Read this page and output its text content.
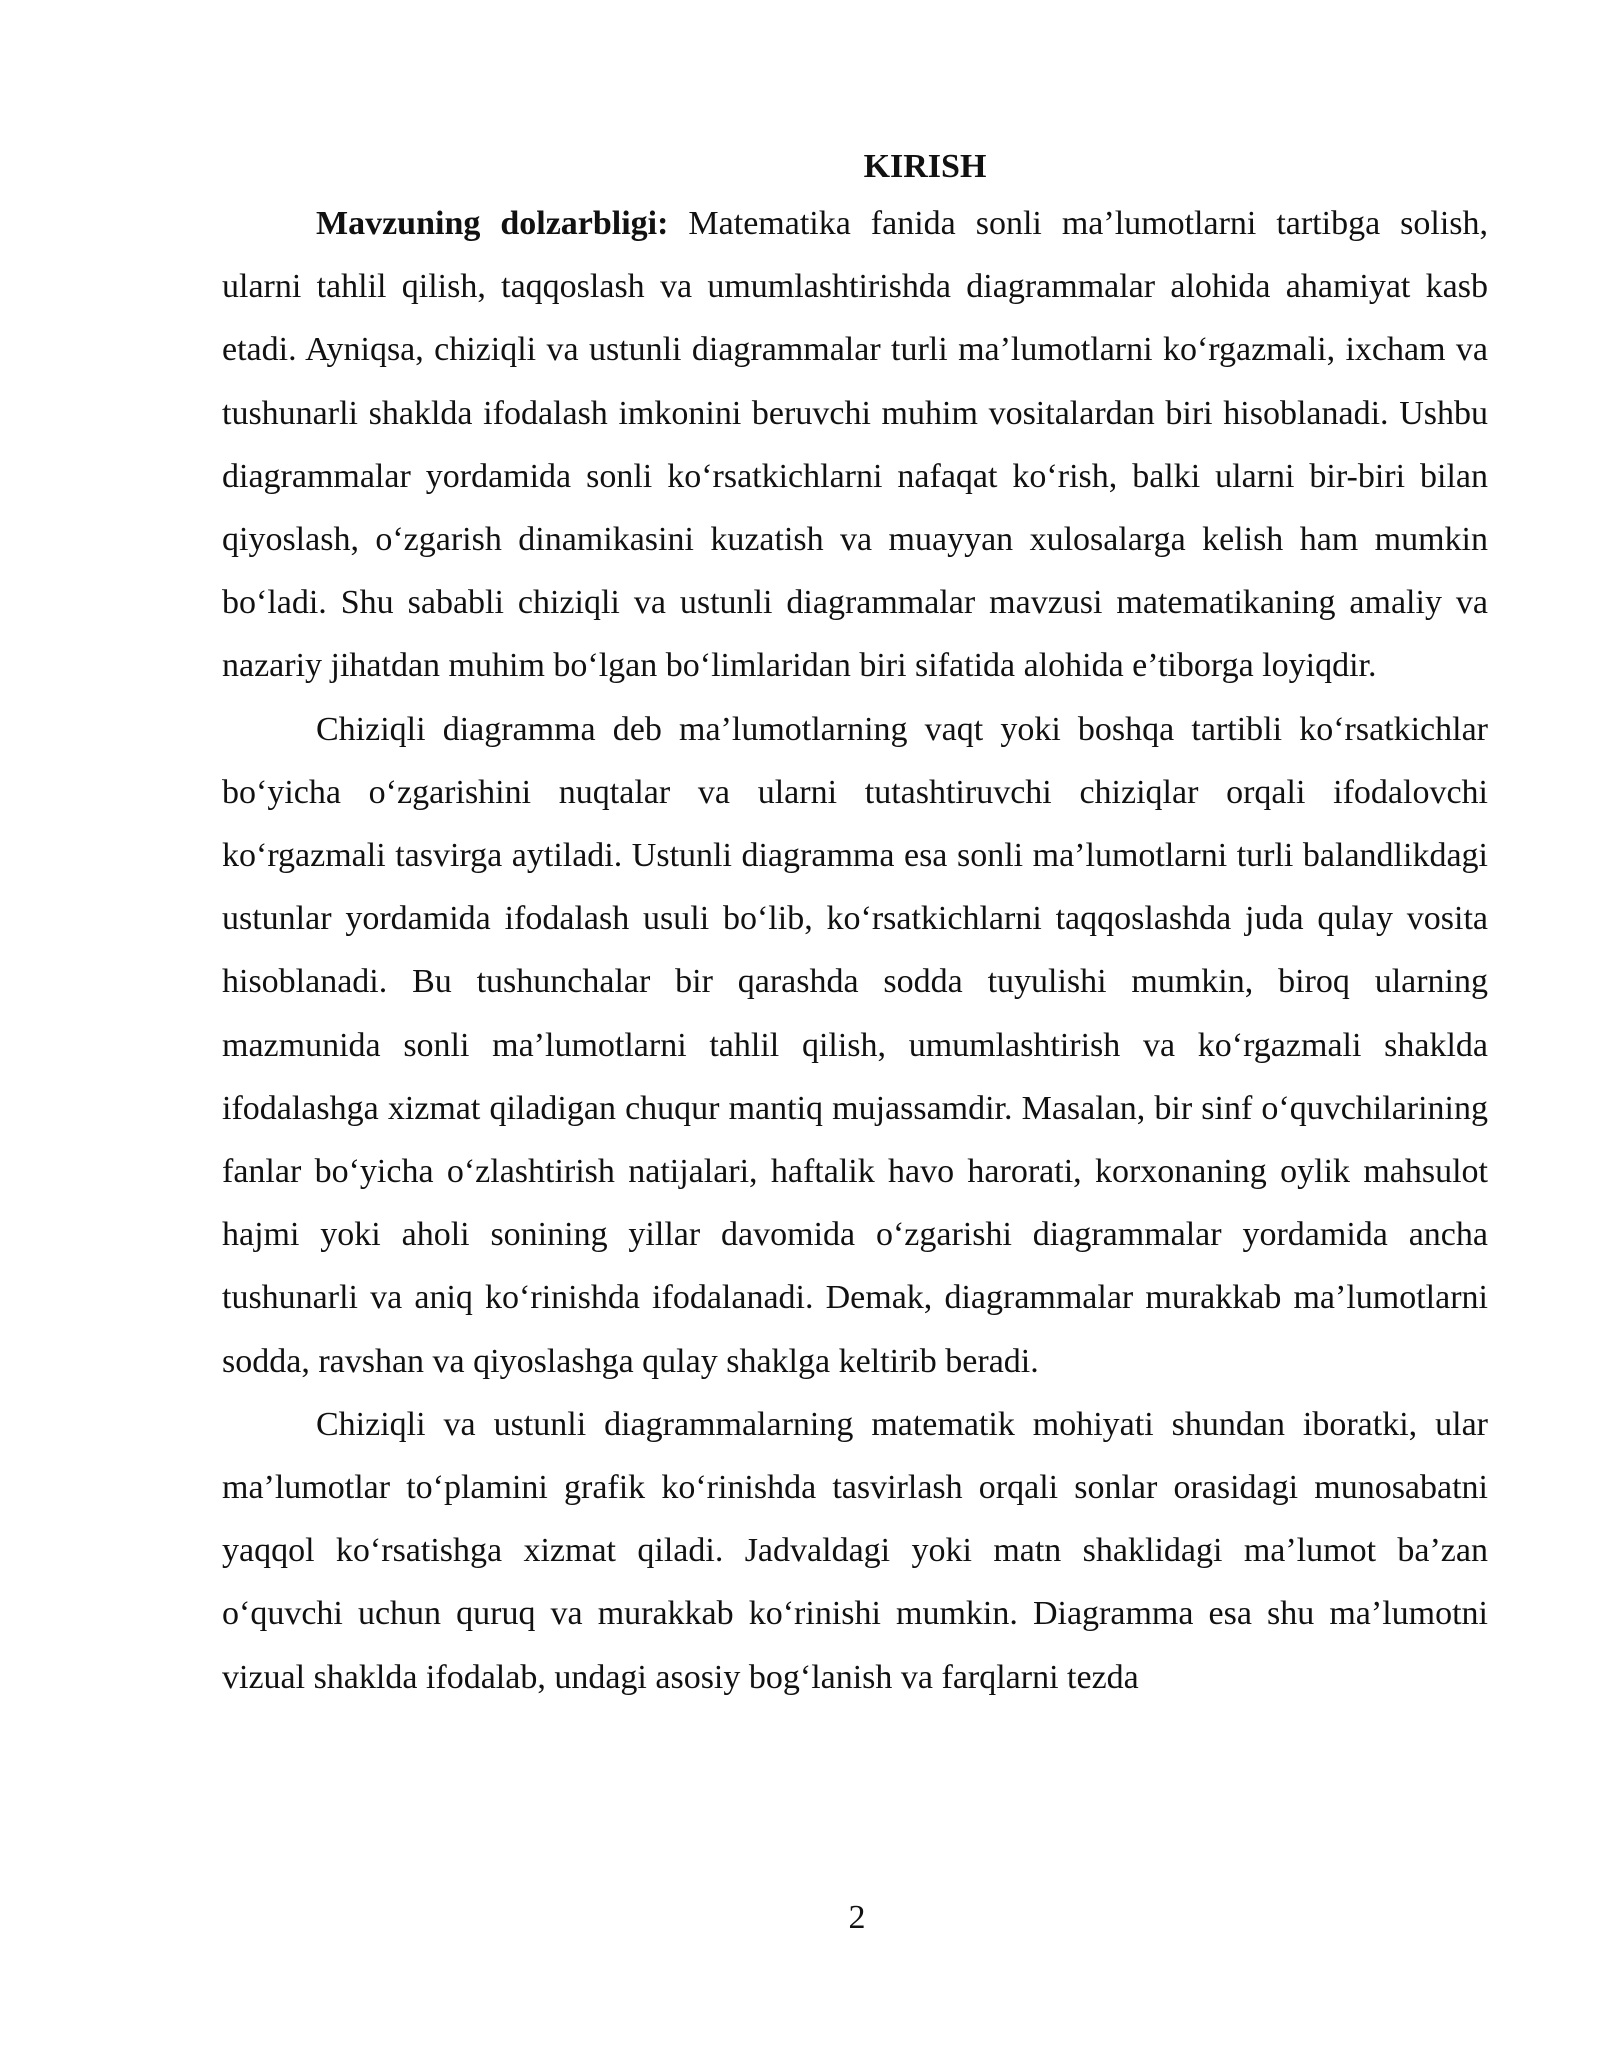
KIRISH

Mavzuning dolzarbligi: Matematika fanida sonli ma’lumotlarni tartibga solish, ularni tahlil qilish, taqqoslash va umumlashtirishda diagrammalar alohida ahamiyat kasb etadi. Ayniqsa, chiziqli va ustunli diagrammalar turli ma’lumotlarni ko‘rgazmali, ixcham va tushunarli shaklda ifodalash imkonini beruvchi muhim vositalardan biri hisoblanadi. Ushbu diagrammalar yordamida sonli ko‘rsatkichlarni nafaqat ko‘rish, balki ularni bir-biri bilan qiyoslash, o‘zgarish dinamikasini kuzatish va muayyan xulosalarga kelish ham mumkin bo‘ladi. Shu sababli chiziqli va ustunli diagrammalar mavzusi matematikaning amaliy va nazariy jihatdan muhim bo‘lgan bo‘limlaridan biri sifatida alohida e’tiborga loyiqdir.

Chiziqli diagramma deb ma’lumotlarning vaqt yoki boshqa tartibli ko‘rsatkichlar bo‘yicha o‘zgarishini nuqtalar va ularni tutashtiruvchi chiziqlar orqali ifodalovchi ko‘rgazmali tasvirga aytiladi. Ustunli diagramma esa sonli ma’lumotlarni turli balandlikdagi ustunlar yordamida ifodalash usuli bo‘lib, ko‘rsatkichlarni taqqoslashda juda qulay vosita hisoblanadi. Bu tushunchalar bir qarashda sodda tuyulishi mumkin, biroq ularning mazmunida sonli ma’lumotlarni tahlil qilish, umumlashtirish va ko‘rgazmali shaklda ifodalashga xizmat qiladigan chuqur mantiq mujassamdir. Masalan, bir sinf o‘quvchilarining fanlar bo‘yicha o‘zlashtirish natijalari, haftalik havo harorati, korxonaning oylik mahsulot hajmi yoki aholi sonining yillar davomida o‘zgarishi diagrammalar yordamida ancha tushunarli va aniq ko‘rinishda ifodalanadi. Demak, diagrammalar murakkab ma’lumotlarni sodda, ravshan va qiyoslashga qulay shaklga keltirib beradi.

Chiziqli va ustunli diagrammalarning matematik mohiyati shundan iboratki, ular ma’lumotlar to‘plamini grafik ko‘rinishda tasvirlash orqali sonlar orasidagi munosabatni yaqqol ko‘rsatishga xizmat qiladi. Jadvaldagi yoki matn shaklidagi ma’lumot ba’zan o‘quvchi uchun quruq va murakkab ko‘rinishi mumkin. Diagramma esa shu ma’lumotni vizual shaklda ifodalab, undagi asosiy bog‘lanish va farqlarni tezda

2
